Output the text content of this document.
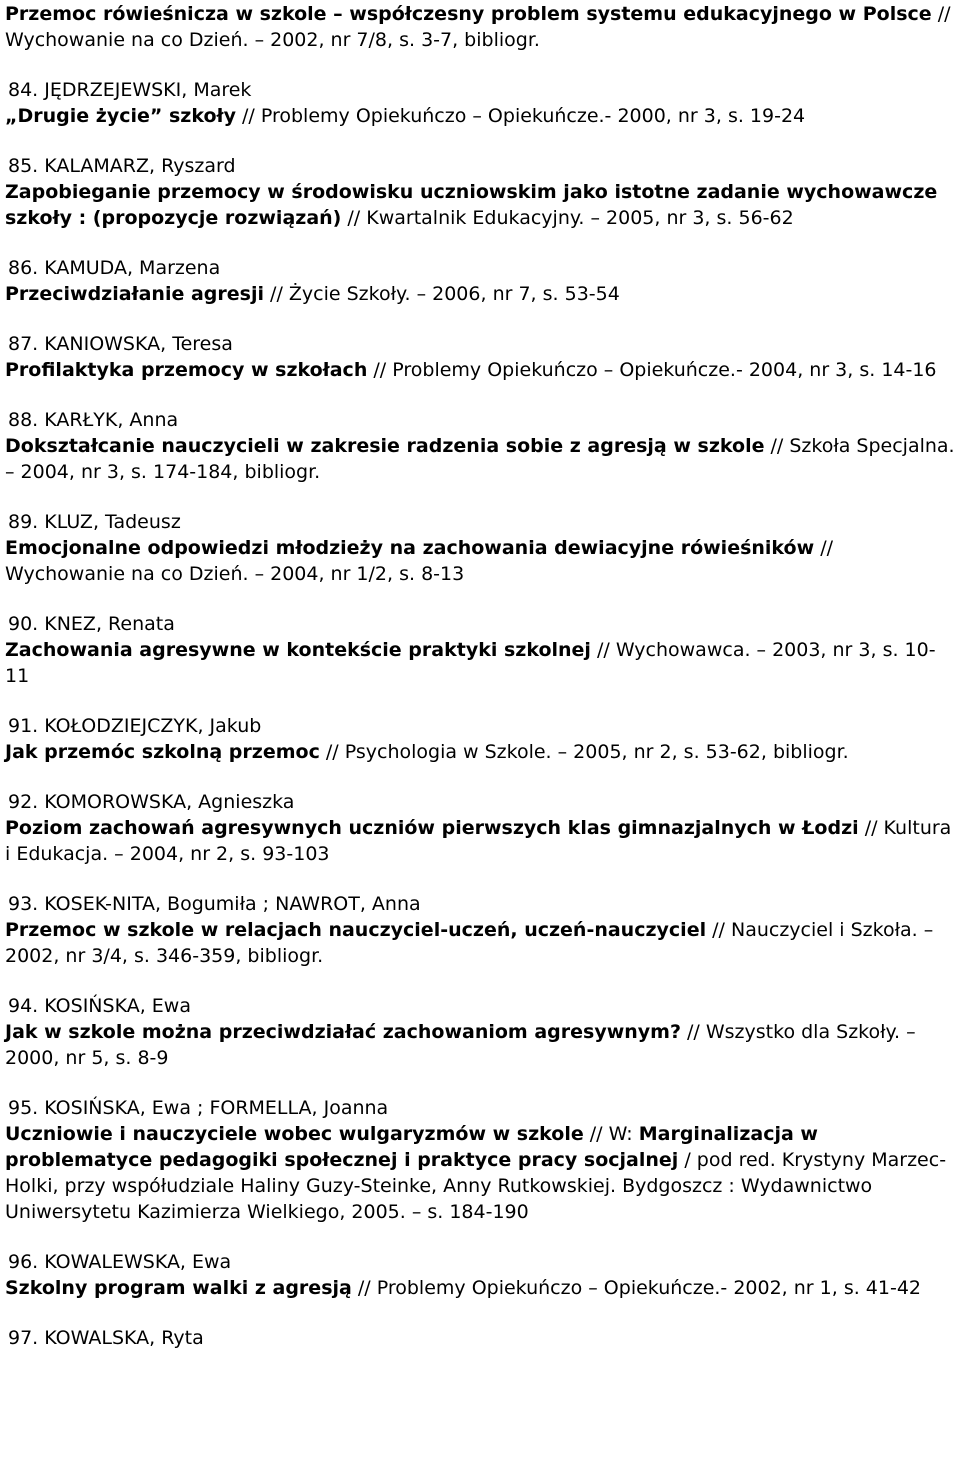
Przemoc rówieśnicza w szkole – współczesny problem systemu edukacyjnego w Polsce // Wychowanie na co Dzień. – 2002, nr 7/8, s. 3-7, bibliogr.
84. JĘDRZEJEWSKI, Marek
„Drugie życie” szkoły // Problemy Opiekuńczo – Opiekuńcze.- 2000, nr 3, s. 19-24
85. KALAMARZ, Ryszard
Zapobieganie przemocy w środowisku uczniowskim jako istotne zadanie wychowawcze szkoły : (propozycje rozwiązań) // Kwartalnik Edukacyjny. – 2005, nr 3, s. 56-62
86. KAMUDA, Marzena
Przeciwdziałanie agresji // Życie Szkoły. – 2006, nr 7, s. 53-54
87. KANIOWSKA, Teresa
Profilaktyka przemocy w szkołach // Problemy Opiekuńczo – Opiekuńcze.- 2004, nr 3, s. 14-16
88. KARŁYK, Anna
Dokształcanie nauczycieli w zakresie radzenia sobie z agresją w szkole // Szkoła Specjalna. – 2004, nr 3, s. 174-184, bibliogr.
89. KLUZ, Tadeusz
Emocjonalne odpowiedzi młodzieży na zachowania dewiacyjne rówieśników // Wychowanie na co Dzień. – 2004, nr 1/2, s. 8-13
90. KNEZ, Renata
Zachowania agresywne w kontekście praktyki szkolnej // Wychowawca. – 2003, nr 3, s. 10-11
91. KOŁODZIEJCZYK, Jakub
Jak przemóc szkolną przemoc // Psychologia w Szkole. – 2005, nr 2, s. 53-62, bibliogr.
92. KOMOROWSKA, Agnieszka
Poziom zachowań agresywnych uczniów pierwszych klas gimnazjalnych w Łodzi // Kultura i Edukacja. – 2004, nr 2, s. 93-103
93. KOSEK-NITA, Bogumiła ; NAWROT, Anna
Przemoc w szkole w relacjach nauczyciel-uczeń, uczeń-nauczyciel // Nauczyciel i Szkoła. – 2002, nr 3/4, s. 346-359, bibliogr.
94. KOSIŃSKA, Ewa
Jak w szkole można przeciwdziałać zachowaniom agresywnym? // Wszystko dla Szkoły. – 2000, nr 5, s. 8-9
95. KOSIŃSKA, Ewa ; FORMELLA, Joanna
Uczniowie i nauczyciele wobec wulgaryzmów w szkole // W: Marginalizacja w problematyce pedagogiki społecznej i praktyce pracy socjalnej / pod red. Krystyny Marzec-Holki, przy współudziale Haliny Guzy-Steinke, Anny Rutkowskiej. Bydgoszcz : Wydawnictwo Uniwersytetu Kazimierza Wielkiego, 2005. – s. 184-190
96. KOWALEWSKA, Ewa
Szkolny program walki z agresją // Problemy Opiekuńczo – Opiekuńcze.- 2002, nr 1, s. 41-42
97. KOWALSKA, Ryta
